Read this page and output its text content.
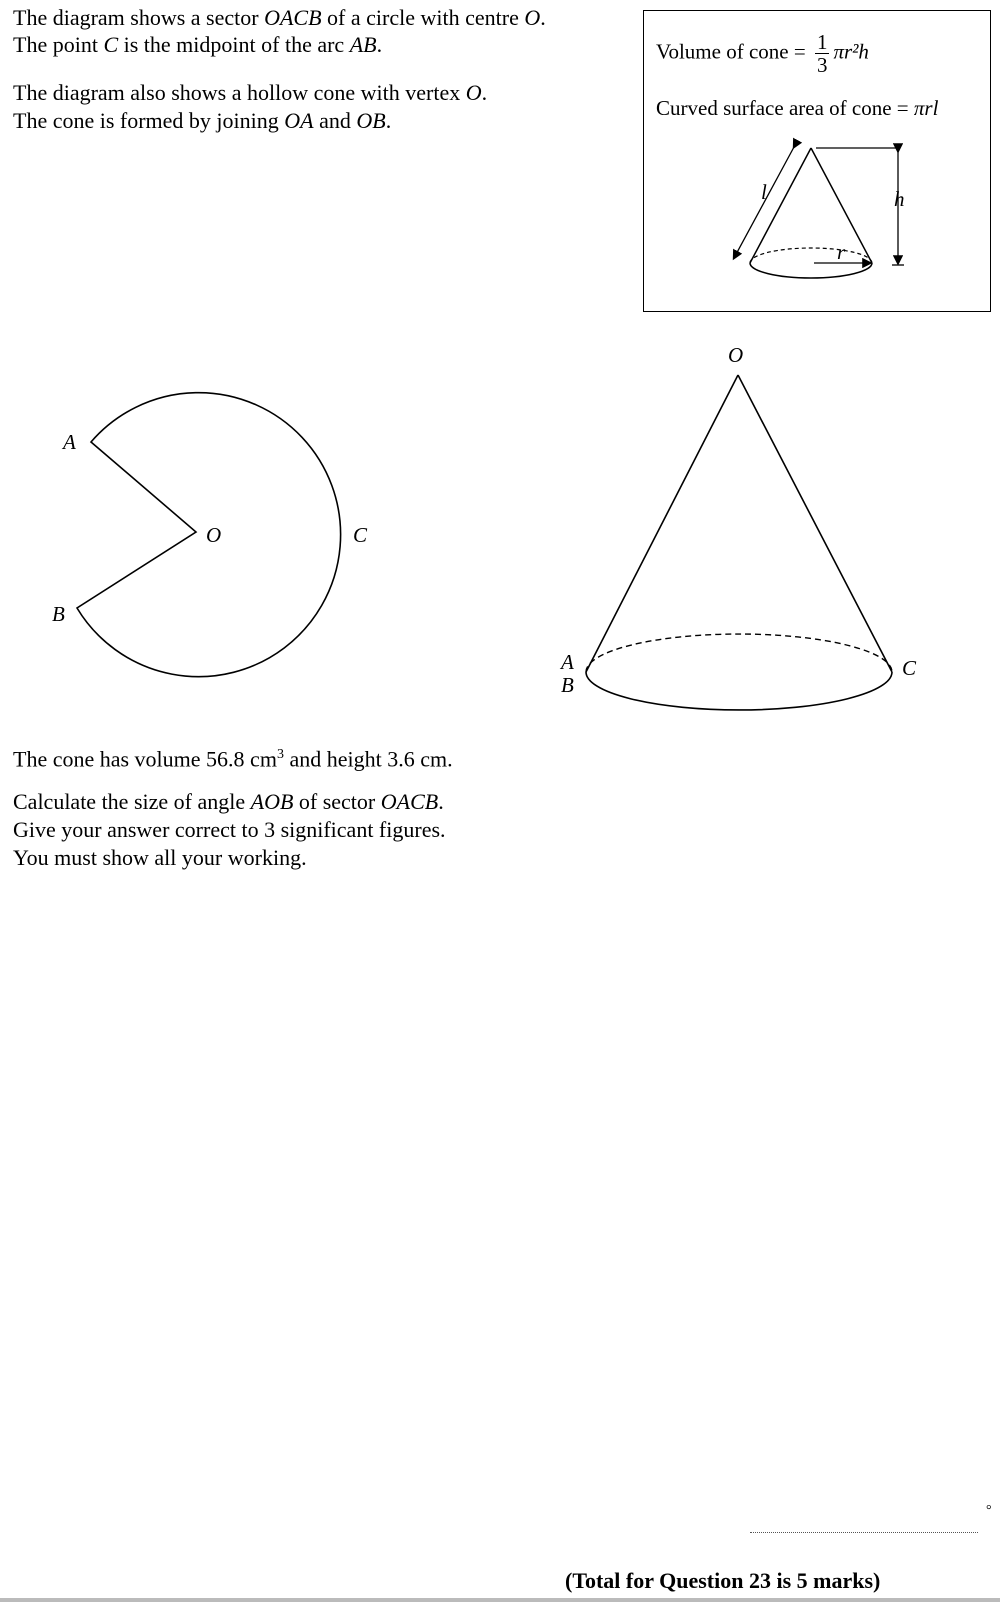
The diagram shows a sector OACB of a circle with centre O.

The point C is the midpoint of the arc AB.

The diagram also shows a hollow cone with vertex O.

The cone is formed by joining OA and OB.

Volume of cone = $\frac{1}{3} \pi r^2h$
Curved surface area of cone = πrl
l	h
r
A
B
O	C
O
A
B
C

The cone has volume 56.8 $cm^3$ and height 3.6 cm.

Calculate the size of angle AOB of sector OACB.

Give your answer correct to 3 significant figures.

You must show all your working.

°
(Total for Question 23 is 5 marks)
